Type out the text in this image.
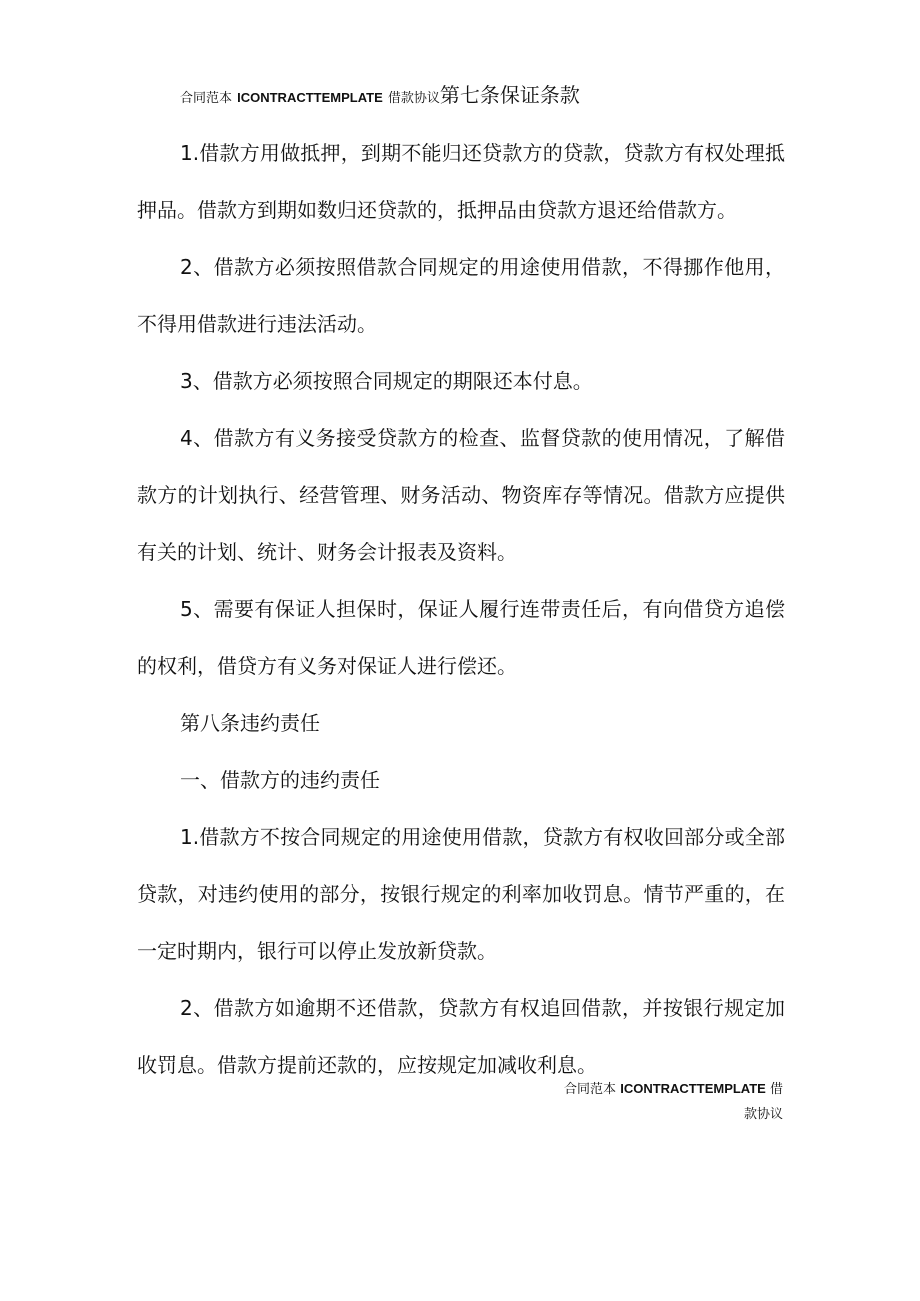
合同范本 ICONTRACTTEMPLATE 借款协议第七条保证条款

1.借款方用做抵押，到期不能归还贷款方的贷款，贷款方有权处理抵押品。借款方到期如数归还贷款的，抵押品由贷款方退还给借款方。

2、借款方必须按照借款合同规定的用途使用借款，不得挪作他用，不得用借款进行违法活动。

3、借款方必须按照合同规定的期限还本付息。

4、借款方有义务接受贷款方的检查、监督贷款的使用情况，了解借款方的计划执行、经营管理、财务活动、物资库存等情况。借款方应提供有关的计划、统计、财务会计报表及资料。

5、需要有保证人担保时，保证人履行连带责任后，有向借贷方追偿的权利，借贷方有义务对保证人进行偿还。

第八条违约责任

一、借款方的违约责任

1.借款方不按合同规定的用途使用借款，贷款方有权收回部分或全部贷款，对违约使用的部分，按银行规定的利率加收罚息。情节严重的，在一定时期内，银行可以停止发放新贷款。

2、借款方如逾期不还借款，贷款方有权追回借款，并按银行规定加收罚息。借款方提前还款的，应按规定加减收利息。

合同范本 ICONTRACTTEMPLATE 借
款协议
